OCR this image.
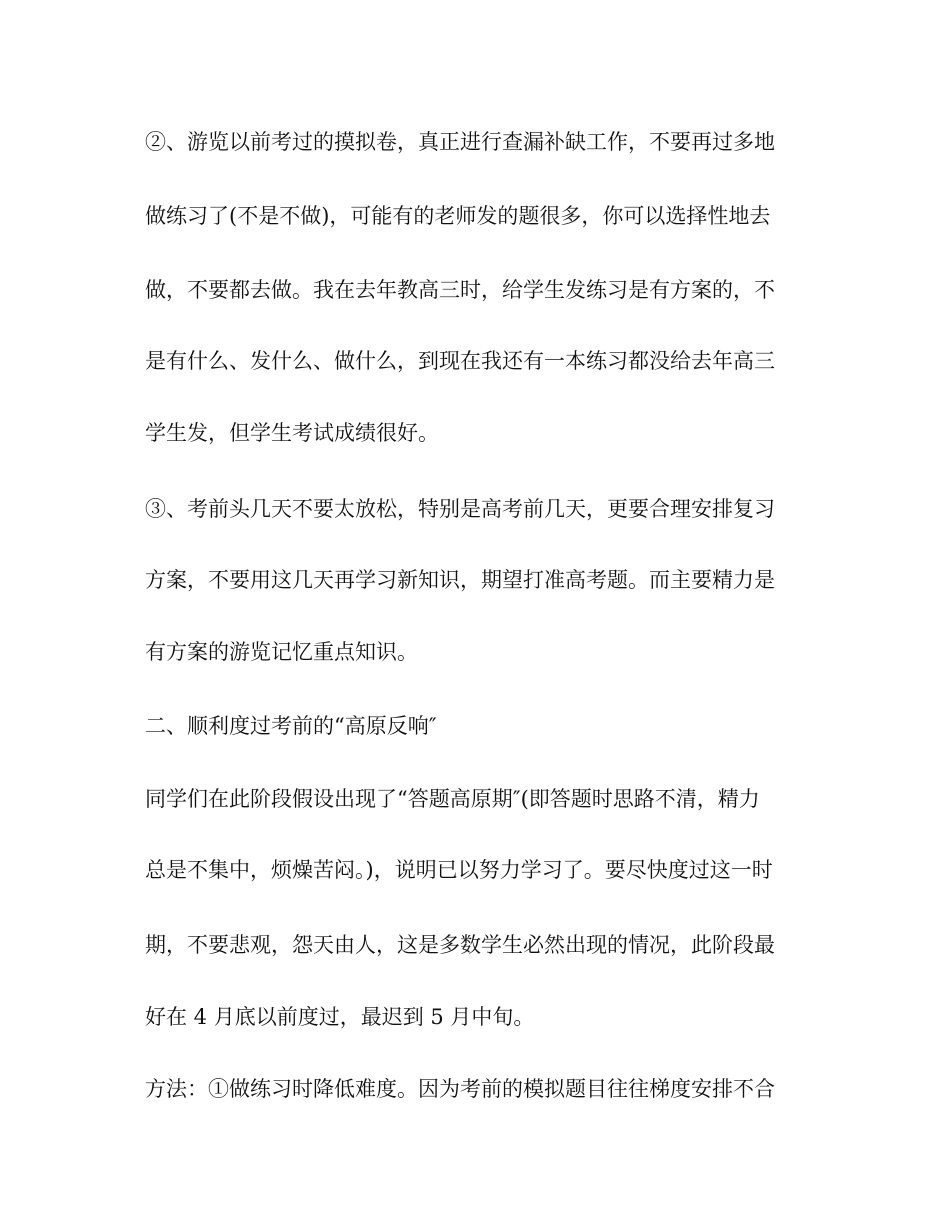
②、游览以前考过的摸拟卷，真正进行查漏补缺工作，不要再过多地
做练习了(不是不做)，可能有的老师发的题很多，你可以选择性地去
做，不要都去做。我在去年教高三时，给学生发练习是有方案的，不
是有什么、发什么、做什么，到现在我还有一本练习都没给去年高三
学生发，但学生考试成绩很好。
③、考前头几天不要太放松，特别是高考前几天，更要合理安排复习
方案，不要用这几天再学习新知识，期望打准高考题。而主要精力是
有方案的游览记忆重点知识。
二、顺利度过考前的“高原反响″
同学们在此阶段假设出现了“答题高原期″(即答题时思路不清，精力
总是不集中，烦燥苦闷。)，说明已以努力学习了。要尽快度过这一时
期，不要悲观，怨天由人，这是多数学生必然出现的情况，此阶段最
好在 4 月底以前度过，最迟到 5 月中旬。
方法：①做练习时降低难度。因为考前的模拟题目往往梯度安排不合
